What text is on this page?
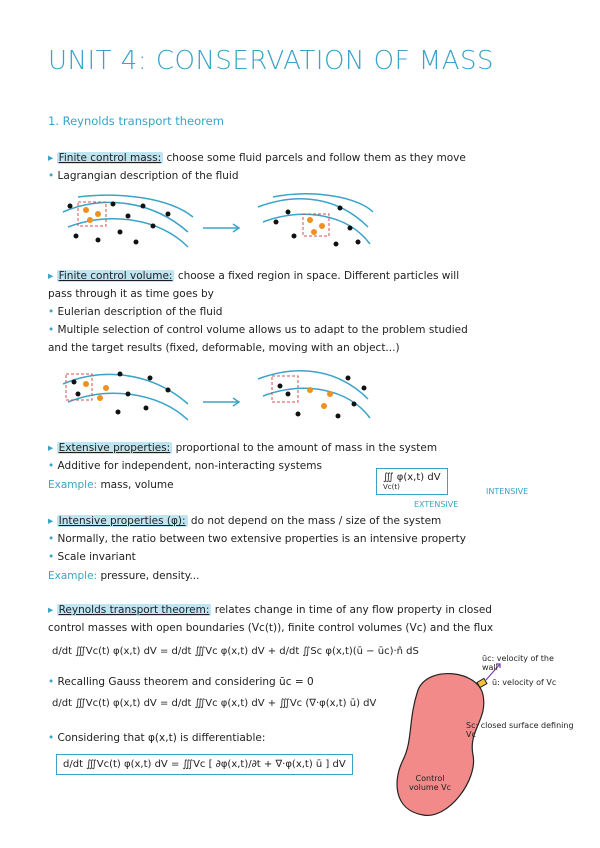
UNIT 4: CONSERVATION OF MASS
1. Reynolds transport theorem
▸ Finite control mass: choose some fluid parcels and follow them as they move
• Lagrangian description of the fluid
▸ Finite control volume: choose a fixed region in space. Different particles will
pass through it as time goes by
• Eulerian description of the fluid
• Multiple selection of control volume allows us to adapt to the problem studied
and the target results (fixed, deformable, moving with an object...)
▸ Extensive properties: proportional to the amount of mass in the system
• Additive for independent, non-interacting systems
Example: mass, volume
∭ φ(x,t) dV
Vc(t)	INTENSIVE
EXTENSIVE
▸ Intensive properties (φ): do not depend on the mass / size of the system
• Normally, the ratio between two extensive properties is an intensive property
• Scale invariant
Example: pressure, density...
▸ Reynolds transport theorem: relates change in time of any flow property in closed
control masses with open boundaries (Vc(t)), finite control volumes (Vc) and the flux
d/dt ∭Vc(t) φ(x,t) dV = d/dt ∭Vc φ(x,t) dV + d/dt ∬Sc φ(x,t)(ū − ūc)·n̂ dS
• Recalling Gauss theorem and considering ūc = 0
d/dt ∭Vc(t) φ(x,t) dV = d/dt ∭Vc φ(x,t) dV + ∭Vc (∇·φ(x,t) ū) dV
• Considering that φ(x,t) is differentiable:
d/dt ∭Vc(t) φ(x,t) dV = ∭Vc [ ∂φ(x,t)/∂t + ∇·φ(x,t) ū ] dV
ūc: velocity of the wall
ū: velocity of Vc
Sc: closed surface defining Vc
Control volume Vc
